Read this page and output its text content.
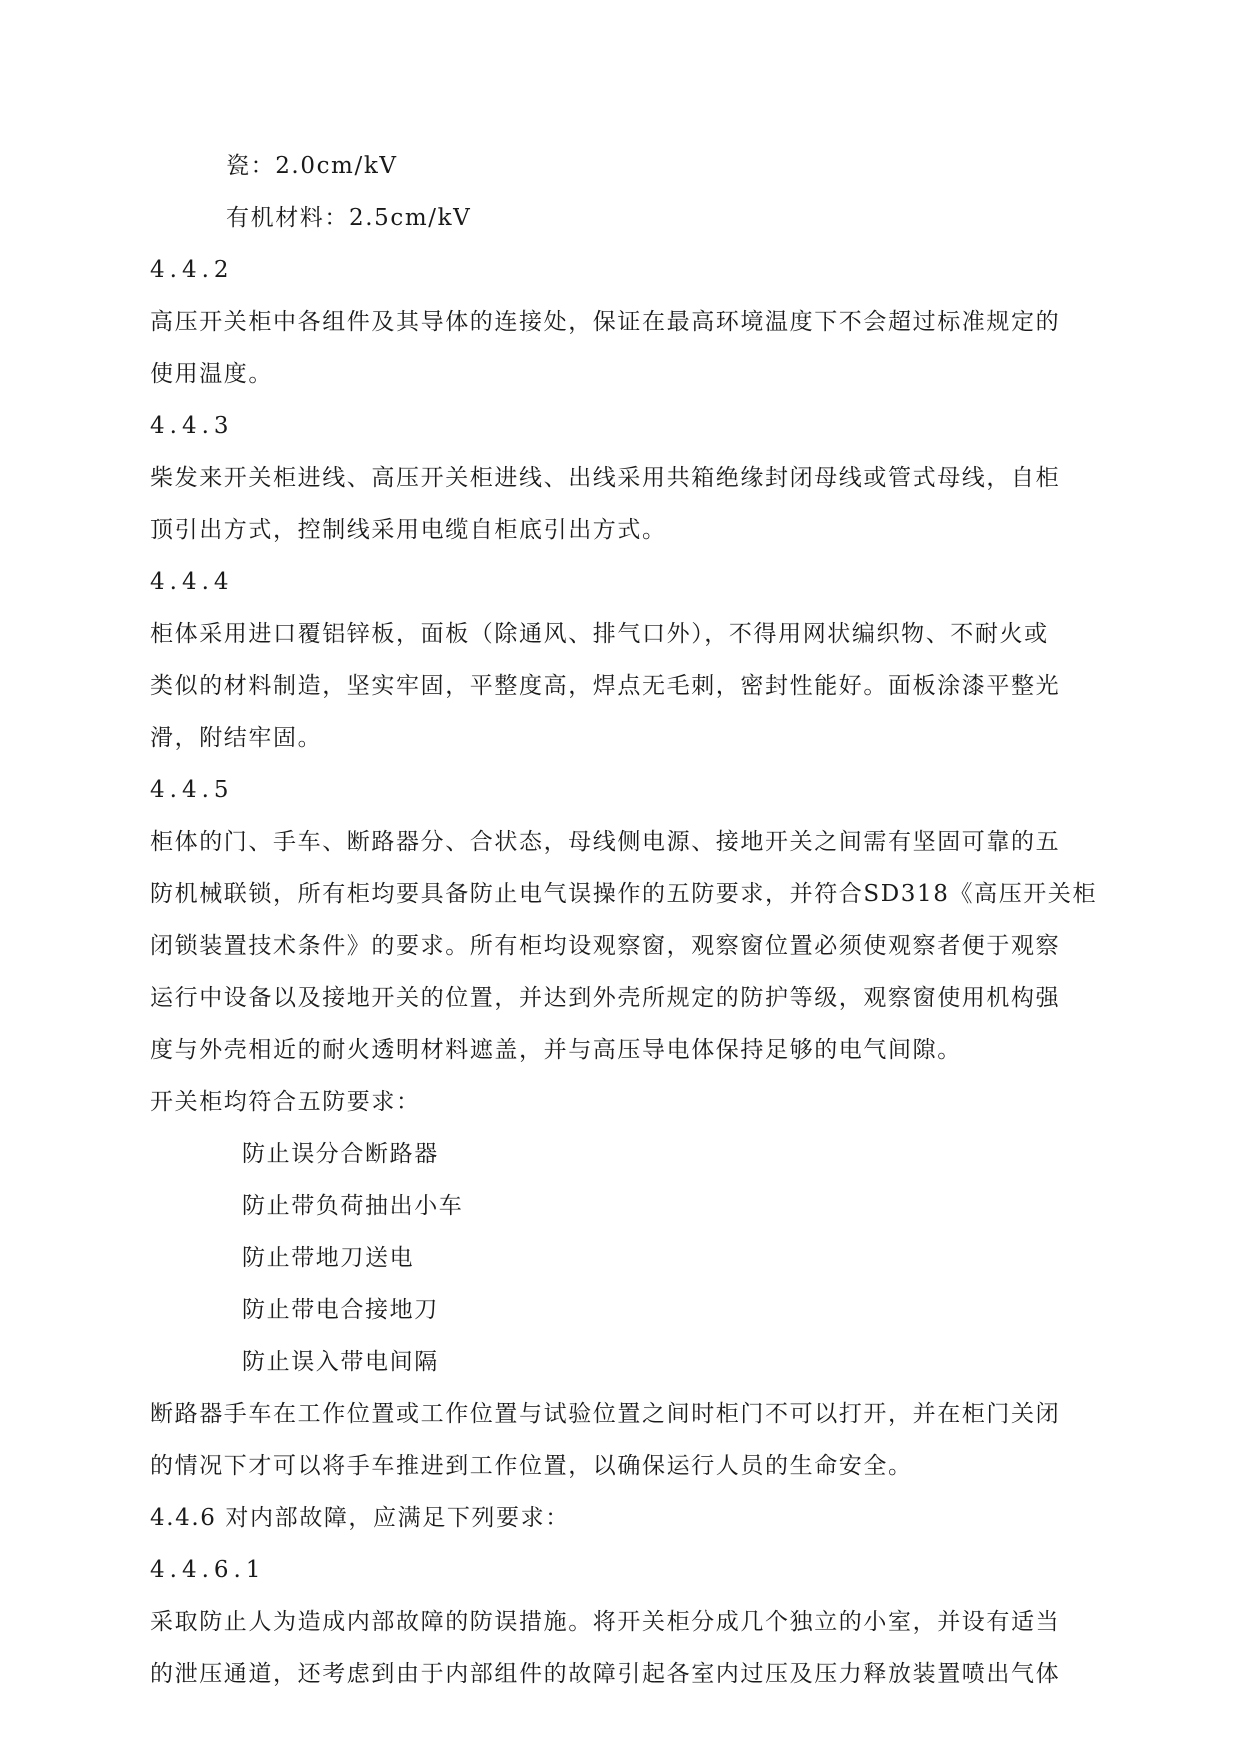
瓷：2.0cm/kV
有机材料：2.5cm/kV
4.4.2
高压开关柜中各组件及其导体的连接处，保证在最高环境温度下不会超过标准规定的
使用温度。
4.4.3
柴发来开关柜进线、高压开关柜进线、出线采用共箱绝缘封闭母线或管式母线，自柜
顶引出方式，控制线采用电缆自柜底引出方式。
4.4.4
柜体采用进口覆铝锌板，面板（除通风、排气口外），不得用网状编织物、不耐火或
类似的材料制造，坚实牢固，平整度高，焊点无毛刺，密封性能好。面板涂漆平整光
滑，附结牢固。
4.4.5
柜体的门、手车、断路器分、合状态，母线侧电源、接地开关之间需有坚固可靠的五
防机械联锁，所有柜均要具备防止电气误操作的五防要求，并符合SD318《高压开关柜
闭锁装置技术条件》的要求。所有柜均设观察窗，观察窗位置必须使观察者便于观察
运行中设备以及接地开关的位置，并达到外壳所规定的防护等级，观察窗使用机构强
度与外壳相近的耐火透明材料遮盖，并与高压导电体保持足够的电气间隙。
开关柜均符合五防要求：
防止误分合断路器
防止带负荷抽出小车
防止带地刀送电
防止带电合接地刀
防止误入带电间隔
断路器手车在工作位置或工作位置与试验位置之间时柜门不可以打开，并在柜门关闭
的情况下才可以将手车推进到工作位置，以确保运行人员的生命安全。
4.4.6 对内部故障，应满足下列要求：
4.4.6.1
采取防止人为造成内部故障的防误措施。将开关柜分成几个独立的小室，并设有适当
的泄压通道，还考虑到由于内部组件的故障引起各室内过压及压力释放装置喷出气体
